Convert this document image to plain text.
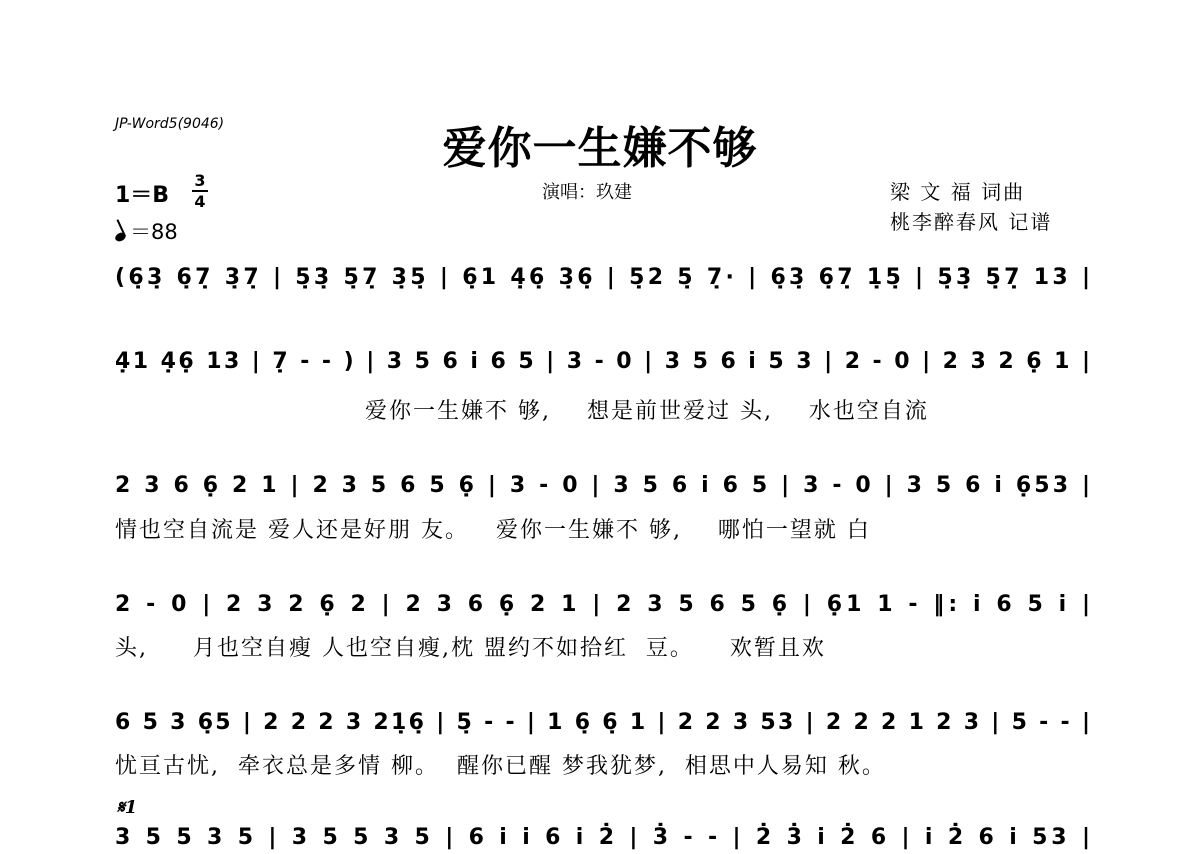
JP-Word5(9046)	爱你一生嫌不够
1＝B
3
4
＝88
演唱：玖建	梁 文 福 词曲
桃李醉春风 记谱
(6̣3̣ 6̣7̣ 3̣7̣ | 5̣3̣ 5̣7̣ 3̣5̣ | 6̣1 4̣6̣ 3̣6̣ | 5̣2 5̣ 7̣· | 6̣3̣ 6̣7̣ 1̣5̣ | 5̣3̣ 5̣7̣ 13 |
4̣1 4̣6̣ 13 | 7̣ - - ) | 3 5 6 i 6 5 | 3 - 0 | 3 5 6 i 5 3 | 2 - 0 | 2 3 2 6̣ 1 |
爱你一生嫌不 够,    想是前世爱过 头,    水也空自流
2 3 6 6̣ 2 1 | 2 3 5 6 5 6̣ | 3 - 0 | 3 5 6 i 6 5 | 3 - 0 | 3 5 6 i 6̣53 |
情也空自流是 爱人还是好朋 友。   爱你一生嫌不 够,    哪怕一望就 白
2 - 0 | 2 3 2 6̣ 2 | 2 3 6 6̣ 2 1 | 2 3 5 6 5 6̣ | 6̣1 1 - ‖: i 6 5 i |
头,     月也空自瘦 人也空自瘦,枕 盟约不如拾红  豆。    欢暂且欢
6 5 3 6̣5 | 2 2 2 3 21̣6̣ | 5̣ - - | 1 6̣ 6̣ 1 | 2 2 3 53 | 2 2 2 1 2 3 | 5 - - |
忧亘古忧,  牵衣总是多情 柳。  醒你已醒 梦我犹梦,  相思中人易知 秋。
𝄋1
3 5 5 3 5 | 3 5 5 3 5 | 6 i i 6 i 2̇ | 3̇ - - | 2̇ 3̇ i 2̇ 6 | i 2̇ 6 i 53 |
